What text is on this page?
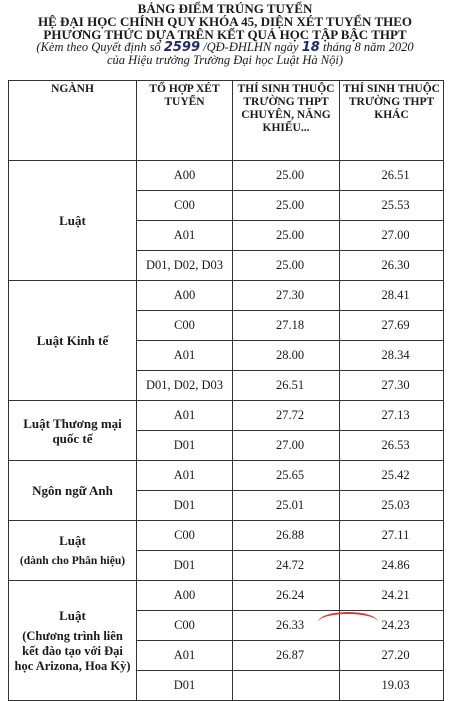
BẢNG ĐIỂM TRÚNG TUYỂN
HỆ ĐẠI HỌC CHÍNH QUY KHÓA 45, DIỆN XÉT TUYỂN THEO
PHƯƠNG THỨC DỰA TRÊN KẾT QUẢ HỌC TẬP BẬC THPT
(Kèm theo Quyết định số 2599 /QĐ-ĐHLHN ngày 18 tháng 8 năm 2020
của Hiệu trưởng Trường Đại học Luật Hà Nội)
NGÀNH	TỔ HỢP XÉT TUYỂN	THÍ SINH THUỘC TRƯỜNG THPT CHUYÊN, NĂNG KHIẾU...	THÍ SINH THUỘC TRƯỜNG THPT KHÁC
Luật	A00	25.00	26.51
	C00	25.00	25.53
	A01	25.00	27.00
	D01, D02, D03	25.00	26.30
Luật Kinh tế	A00	27.30	28.41
	C00	27.18	27.69
	A01	28.00	28.34
	D01, D02, D03	26.51	27.30
Luật Thương mại quốc tế	A01	27.72	27.13
	D01	27.00	26.53
Ngôn ngữ Anh	A01	25.65	25.42
	D01	25.01	25.03
Luật
(dành cho Phân hiệu)	C00	26.88	27.11
	D01	24.72	24.86
Luật
(Chương trình liên kết đào tạo với Đại học Arizona, Hoa Kỳ)	A00	26.24	24.21
	C00	26.33	24.23
	A01	26.87	27.20
	D01		19.03
